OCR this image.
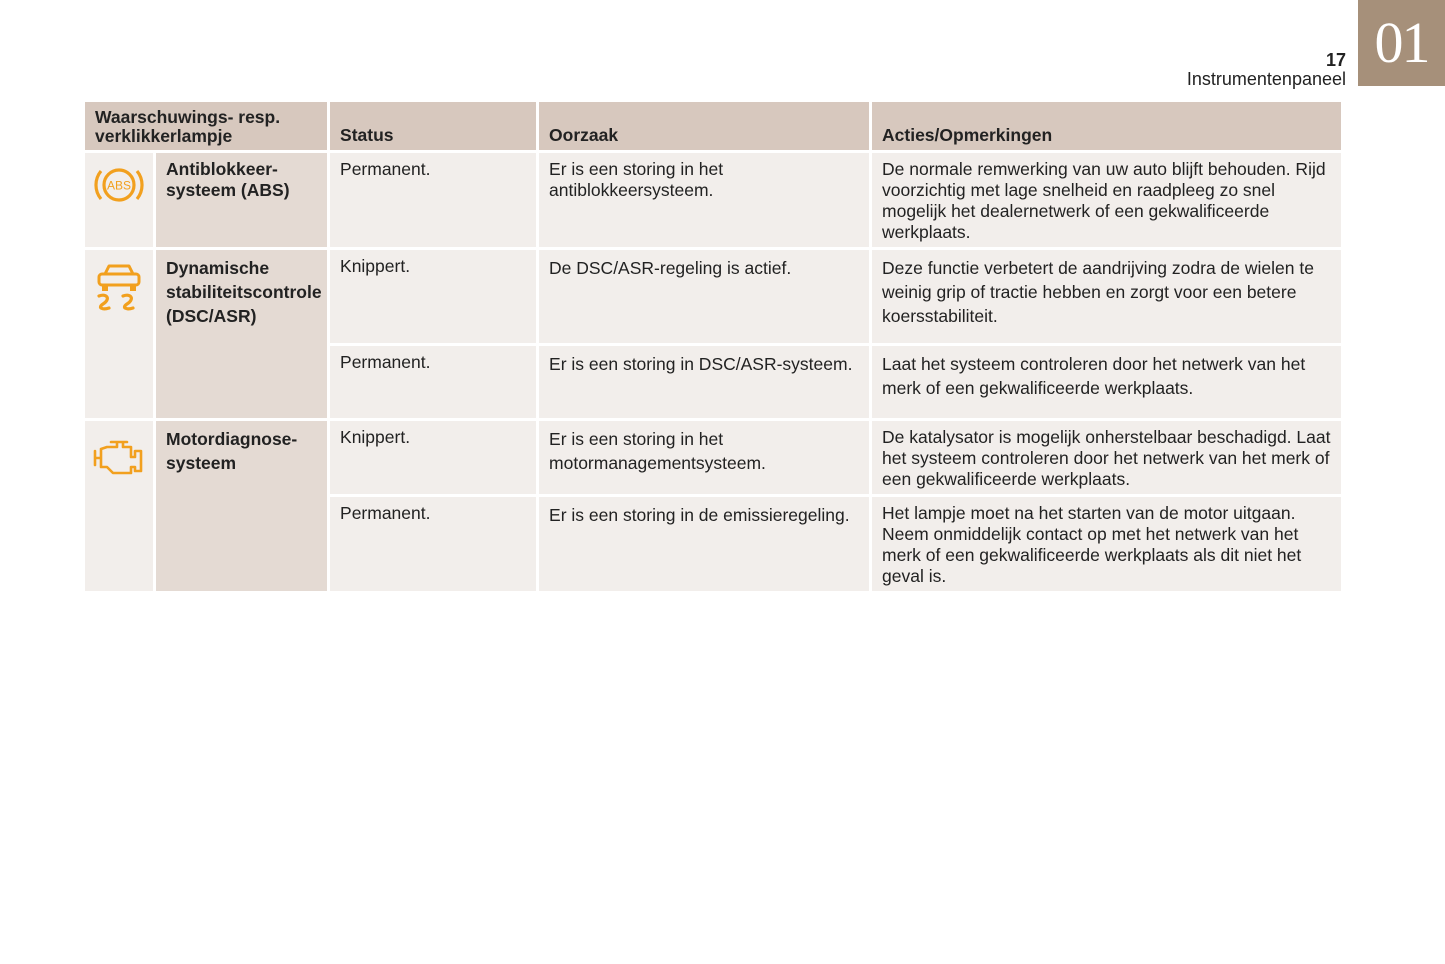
17
Instrumentenpaneel
01
Waarschuwings- resp. verklikkerlampje		Status	Oorzaak	Acties/Opmerkingen

ABS	Antiblokkeer-systeem (ABS)	Permanent.	Er is een storing in het antiblokkeersysteem.	De normale remwerking van uw auto blijft behouden. Rijd voorzichtig met lage snelheid en raadpleeg zo snel mogelijk het dealernetwerk of een gekwalificeerde werkplaats.

	Dynamische stabiliteitscontrole (DSC/ASR)	Knippert.	De DSC/ASR-regeling is actief.	Deze functie verbetert de aandrijving zodra de wielen te weinig grip of tractie hebben en zorgt voor een betere koersstabiliteit.
		Permanent.	Er is een storing in DSC/ASR-systeem.	Laat het systeem controleren door het netwerk van het merk of een gekwalificeerde werkplaats.

	Motordiagnose-systeem	Knippert.	Er is een storing in het motormanagementsysteem.	De katalysator is mogelijk onherstelbaar beschadigd. Laat het systeem controleren door het netwerk van het merk of een gekwalificeerde werkplaats.
		Permanent.	Er is een storing in de emissieregeling.	Het lampje moet na het starten van de motor uitgaan. Neem onmiddelijk contact op met het netwerk van het merk of een gekwalificeerde werkplaats als dit niet het geval is.
